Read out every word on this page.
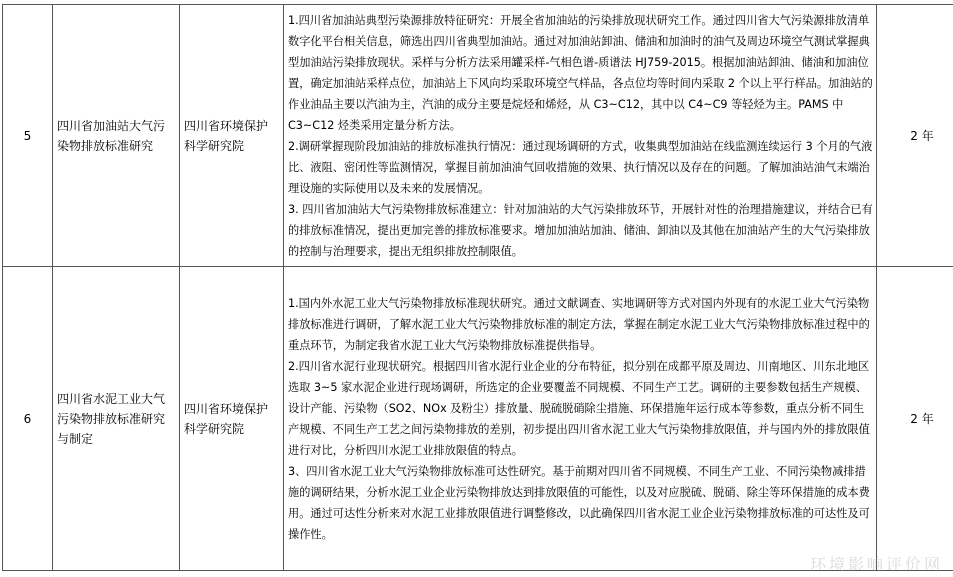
5	四川省加油站大气污染物排放标准研究	四川省环境保护科学研究院	1.四川省加油站典型污染源排放特征研究：开展全省加油站的污染排放现状研究工作。通过四川省大气污染源排放清单数字化平台相关信息，筛选出四川省典型加油站。通过对加油站卸油、储油和加油时的油气及周边环境空气测试掌握典型加油站污染排放现状。采样与分析方法采用罐采样-气相色谱-质谱法 HJ759-2015。根据加油站卸油、储油和加油位置，确定加油站采样点位，加油站上下风向均采取环境空气样品，各点位均等时间内采取 2 个以上平行样品。加油站的作业油品主要以汽油为主，汽油的成分主要是烷烃和烯烃，从 C3~C12，其中以 C4~C9 等轻烃为主。PAMS 中 C3~C12 烃类采用定量分析方法。

2.调研掌握现阶段加油站的排放标准执行情况：通过现场调研的方式，收集典型加油站在线监测连续运行 3 个月的气液比、液阻、密闭性等监测情况，掌握目前加油油气回收措施的效果、执行情况以及存在的问题。了解加油站油气末端治理设施的实际使用以及未来的发展情况。

3. 四川省加油站大气污染物排放标准建立：针对加油站的大气污染排放环节，开展针对性的治理措施建议，并结合已有的排放标准情况，提出更加完善的排放标准要求。增加加油站加油、储油、卸油以及其他在加油站产生的大气污染排放的控制与治理要求，提出无组织排放控制限值。	2 年
6	四川省水泥工业大气污染物排放标准研究与制定	四川省环境保护科学研究院	1.国内外水泥工业大气污染物排放标准现状研究。通过文献调查、实地调研等方式对国内外现有的水泥工业大气污染物排放标准进行调研，了解水泥工业大气污染物排放标准的制定方法，掌握在制定水泥工业大气污染物排放标准过程中的重点环节，为制定我省水泥工业大气污染物排放标准提供指导。

2.四川省水泥行业现状研究。根据四川省水泥行业企业的分布特征，拟分别在成都平原及周边、川南地区、川东北地区选取 3~5 家水泥企业进行现场调研，所选定的企业要覆盖不同规模、不同生产工艺。调研的主要参数包括生产规模、设计产能、污染物（SO2、NOx 及粉尘）排放量、脱硫脱硝除尘措施、环保措施年运行成本等参数，重点分析不同生产规模、不同生产工艺之间污染物排放的差别，初步提出四川省水泥工业大气污染物排放限值，并与国内外的排放限值进行对比，分析四川水泥工业排放限值的特点。

3、四川省水泥工业大气污染物排放标准可达性研究。基于前期对四川省不同规模、不同生产工业、不同污染物减排措施的调研结果，分析水泥工业企业污染物排放达到排放限值的可能性，以及对应脱硫、脱硝、除尘等环保措施的成本费用。通过可达性分析来对水泥工业排放限值进行调整修改，以此确保四川省水泥工业企业污染物排放标准的可达性及可操作性。	2 年
环境影响评价网
